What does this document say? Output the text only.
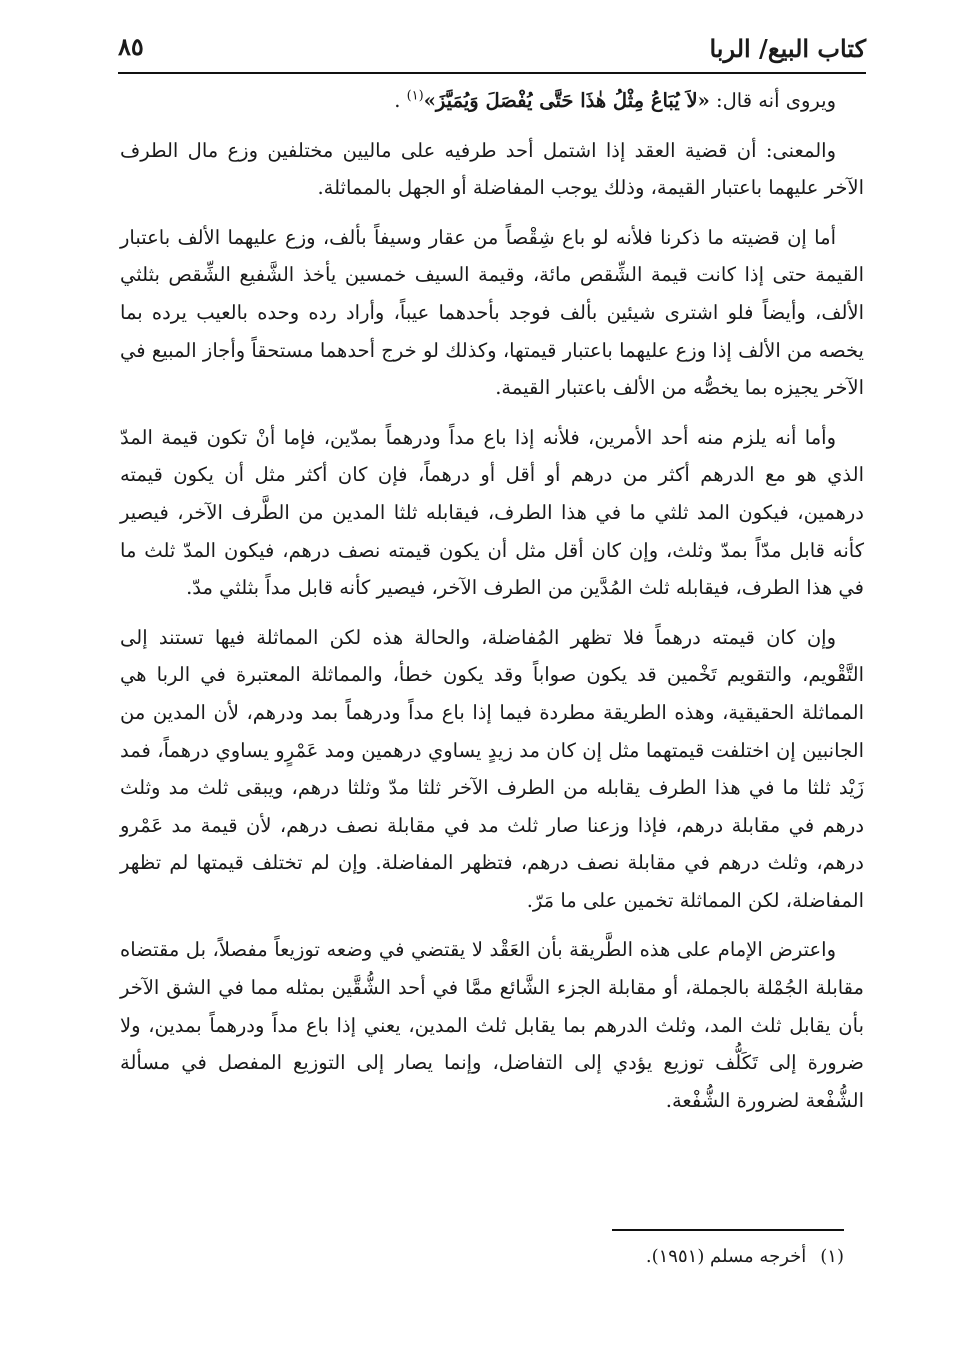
كتاب البيع/ الربا
٨٥

ويروى أنه قال: «لاَ يُبَاعُ مِثْلُ هٰذَا حَتَّى يُفْصَلَ وَيُمَيَّزَ»$^{(١)}$ .

والمعنى: أن قضية العقد إذا اشتمل أحد طرفيه على ماليين مختلفين وزع مال الطرف الآخر عليهما باعتبار القيمة، وذلك يوجب المفاضلة أو الجهل بالمماثلة.

أما إن قضيته ما ذكرنا فلأنه لو باع شِقْصاً من عقار وسيفاً بألف، وزع عليهما الألف باعتبار القيمة حتى إذا كانت قيمة الشِّقص مائة، وقيمة السيف خمسين يأخذ الشَّفيع الشِّقص بثلثي الألف، وأيضاً فلو اشترى شيئين بألف فوجد بأحدهما عيباً، وأراد رده وحده بالعيب يرده بما يخصه من الألف إذا وزع عليهما باعتبار قيمتها، وكذلك لو خرج أحدهما مستحقاً وأجاز المبيع في الآخر يجيزه بما يخصُّه من الألف باعتبار القيمة.

وأما أنه يلزم منه أحد الأمرين، فلأنه إذا باع مداً ودرهماً بمدّين، فإما أنْ تكون قيمة المدّ الذي هو مع الدرهم أكثر من درهم أو أقل أو درهماً، فإن كان أكثر مثل أن يكون قيمته درهمين، فيكون المد ثلثي ما في هذا الطرف، فيقابله ثلثا المدين من الطَّرف الآخر، فيصير كأنه قابل مدّاً بمدّ وثلث، وإن كان أقل مثل أن يكون قيمته نصف درهم، فيكون المدّ ثلث ما في هذا الطرف، فيقابله ثلث المُدَّين من الطرف الآخر، فيصير كأنه قابل مداً بثلثي مدّ.

وإن كان قيمته درهماً فلا تظهر المُفاضلة، والحالة هذه لكن المماثلة فيها تستند إلى التَّقْويم، والتقويم تَخْمين قد يكون صواباً وقد يكون خطأ، والمماثلة المعتبرة في الربا هي المماثلة الحقيقية، وهذه الطريقة مطردة فيما إذا باع مداً ودرهماً بمد ودرهم، لأن المدين من الجانبين إن اختلفت قيمتهما مثل إن كان مد زيدٍ يساوي درهمين ومد عَمْرٍو يساوي درهماً، فمد زَيْد ثلثا ما في هذا الطرف يقابله من الطرف الآخر ثلثا مدّ وثلثا درهم، ويبقى ثلث مد وثلث درهم في مقابلة درهم، فإذا وزعنا صار ثلث مد في مقابلة نصف درهم، لأن قيمة مد عَمْرو درهم، وثلث درهم في مقابلة نصف درهم، فتظهر المفاضلة. وإن لم تختلف قيمتها لم تظهر المفاضلة، لكن المماثلة تخمين على ما مَرّ.

واعترض الإمام على هذه الطَّريقة بأن العَقْد لا يقتضي في وضعه توزيعاً مفصلاً، بل مقتضاه مقابلة الجُمْلة بالجملة، أو مقابلة الجزء الشَّائع ممَّا في أحد الشُّقَّين بمثله مما في الشق الآخر بأن يقابل ثلث المد، وثلث الدرهم بما يقابل ثلث المدين، يعني إذا باع مداً ودرهماً بمدين، ولا ضرورة إلى تَكَلُّف توزيع يؤدي إلى التفاضل، وإنما يصار إلى التوزيع المفصل في مسألة الشُّفْعة لضرورة الشُّفْعة.

(١)أخرجه مسلم (١٩٥١).
